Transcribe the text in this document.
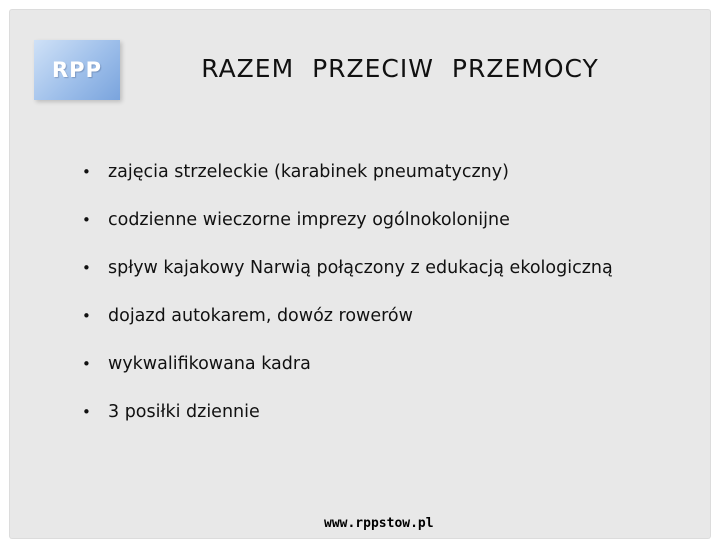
RPP	RAZEM  PRZECIW  PRZEMOCY
• zajęcia strzeleckie (karabinek pneumatyczny)
• codzienne wieczorne imprezy ogólnokolonijne
• spływ kajakowy Narwią połączony z edukacją ekologiczną
• dojazd autokarem, dowóz rowerów
• wykwalifikowana kadra
• 3 posiłki dziennie
www.rppstow.pl
